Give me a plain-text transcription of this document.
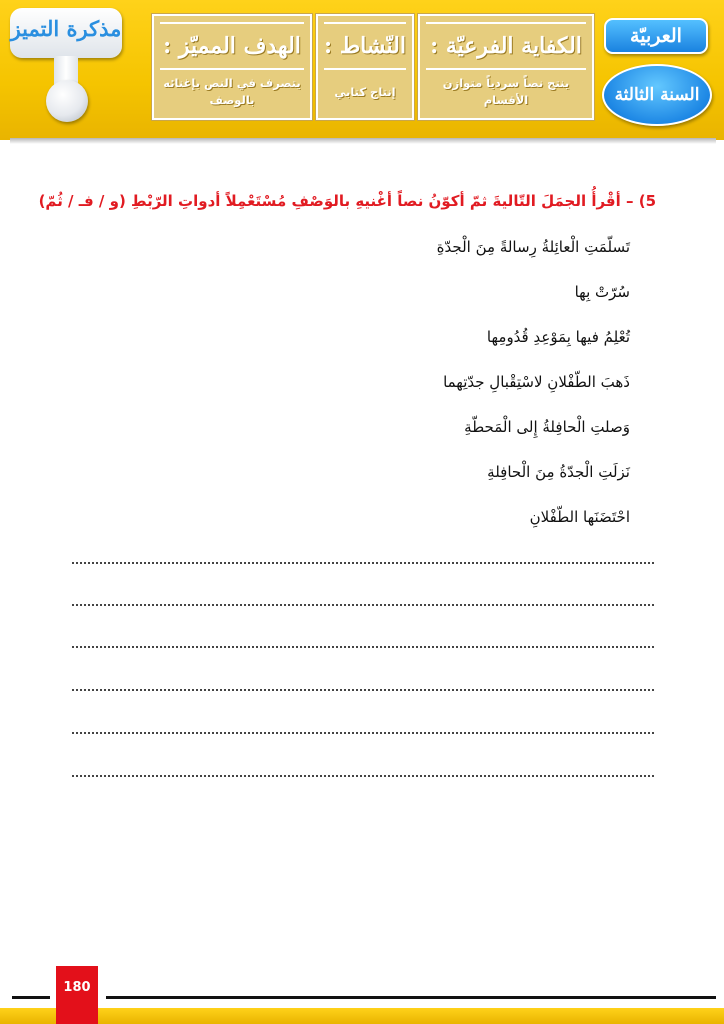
مذكرة التميز
الهدف المميّز :
يتصرف في النص بإغنائه بالوصف
النّشاط :
إنتاج كتابي
الكفاية الفرعيّة :
ينتج نصاً سردياً متوازن الأقسام
العربيّة
السنة الثالثة
5) – أقْرأُ الجمَلَ التّاليةَ ثمّ أكوّنُ نصاً أغْنيهِ بالوَصْفِ مُسْتَعْمِلاً أدواتِ الرّبْطِ (و / فـ / ثُمّ)
تَسلّمَتِ الْعائِلةُ رِسالةً مِنَ الْجدّةِ
سُرّتْ بِها
تُعْلِمُ فيها بِمَوْعِدِ قُدُومِها
ذَهبَ الطّفْلانِ لاسْتِقْبالِ جدّتِهما
وَصلتِ الْحافِلةُ إِلى الْمَحطّةِ
نَزلَتِ الْجدّةُ مِنَ الْحافِلةِ
احْتَضَنَها الطّفْلانِ
180
